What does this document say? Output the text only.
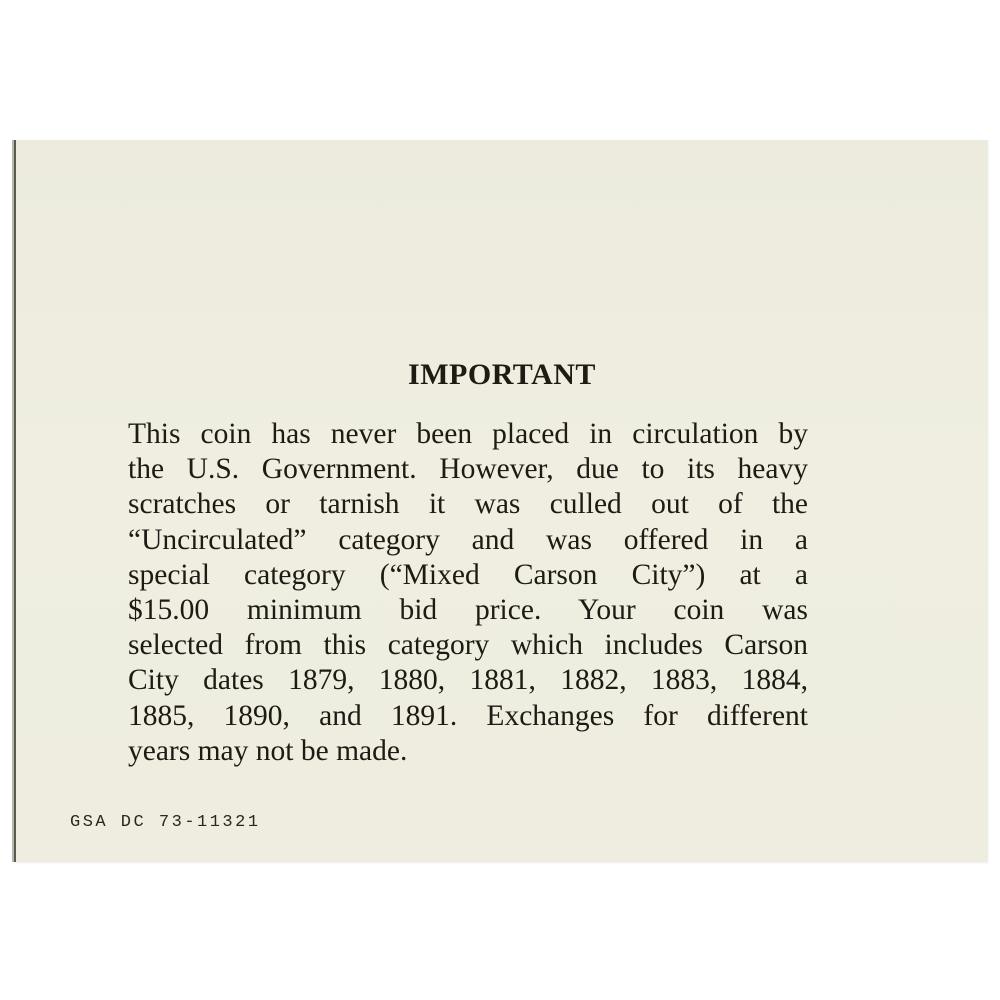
IMPORTANT
This coin has never been placed in circulation by
the U.S. Government. However, due to its heavy
scratches or tarnish it was culled out of the
“Uncirculated” category and was offered in a
special category (“Mixed Carson City”) at a
$15.00 minimum bid price. Your coin was
selected from this category which includes Carson
City dates 1879, 1880, 1881, 1882, 1883, 1884,
1885, 1890, and 1891. Exchanges for different
years may not be made.
GSA DC 73-11321
